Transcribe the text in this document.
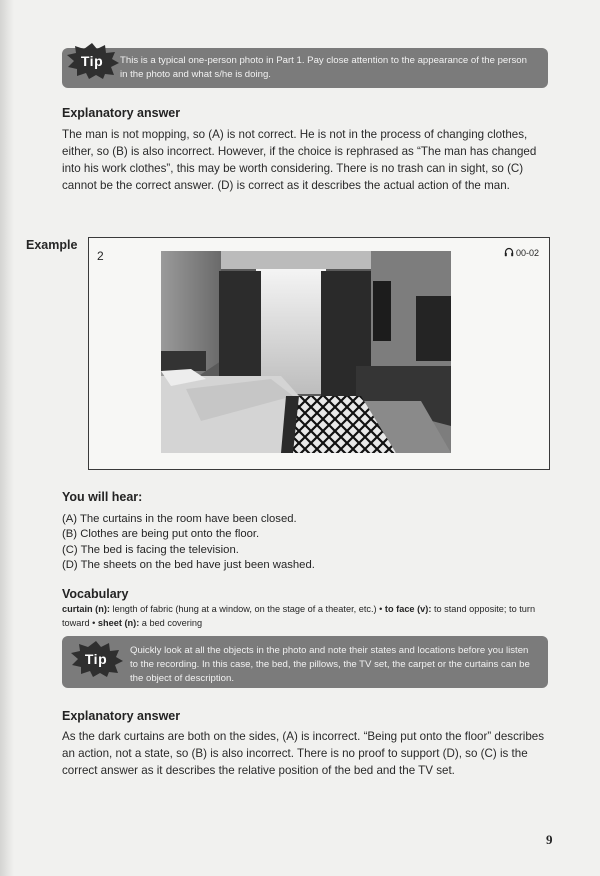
Tip	This is a typical one-person photo in Part 1. Pay close attention to the appearance of the person in the photo and what s/he is doing.
Explanatory answer

The man is not mopping, so (A) is not correct. He is not in the process of changing clothes, either, so (B) is also incorrect. However, if the choice is rephrased as “The man has changed into his work clothes”, this may be worth considering. There is no trash can in sight, so (C) cannot be the correct answer. (D) is correct as it describes the actual action of the man.

Example
2	00-02
You will hear:
(A) The curtains in the room have been closed.
(B) Clothes are being put onto the floor.
(C) The bed is facing the television.
(D) The sheets on the bed have just been washed.
Vocabulary
curtain (n): length of fabric (hung at a window, on the stage of a theater, etc.) • to face (v): to stand opposite; to turn toward • sheet (n): a bed covering
Tip
Quickly look at all the objects in the photo and note their states and locations before you listen to the recording. In this case, the bed, the pillows, the TV set, the carpet or the curtains can be the object of description.
Explanatory answer

As the dark curtains are both on the sides, (A) is incorrect. “Being put onto the floor” describes an action, not a state, so (B) is also incorrect. There is no proof to support (D), so (C) is the correct answer as it describes the relative position of the bed and the TV set.

9
